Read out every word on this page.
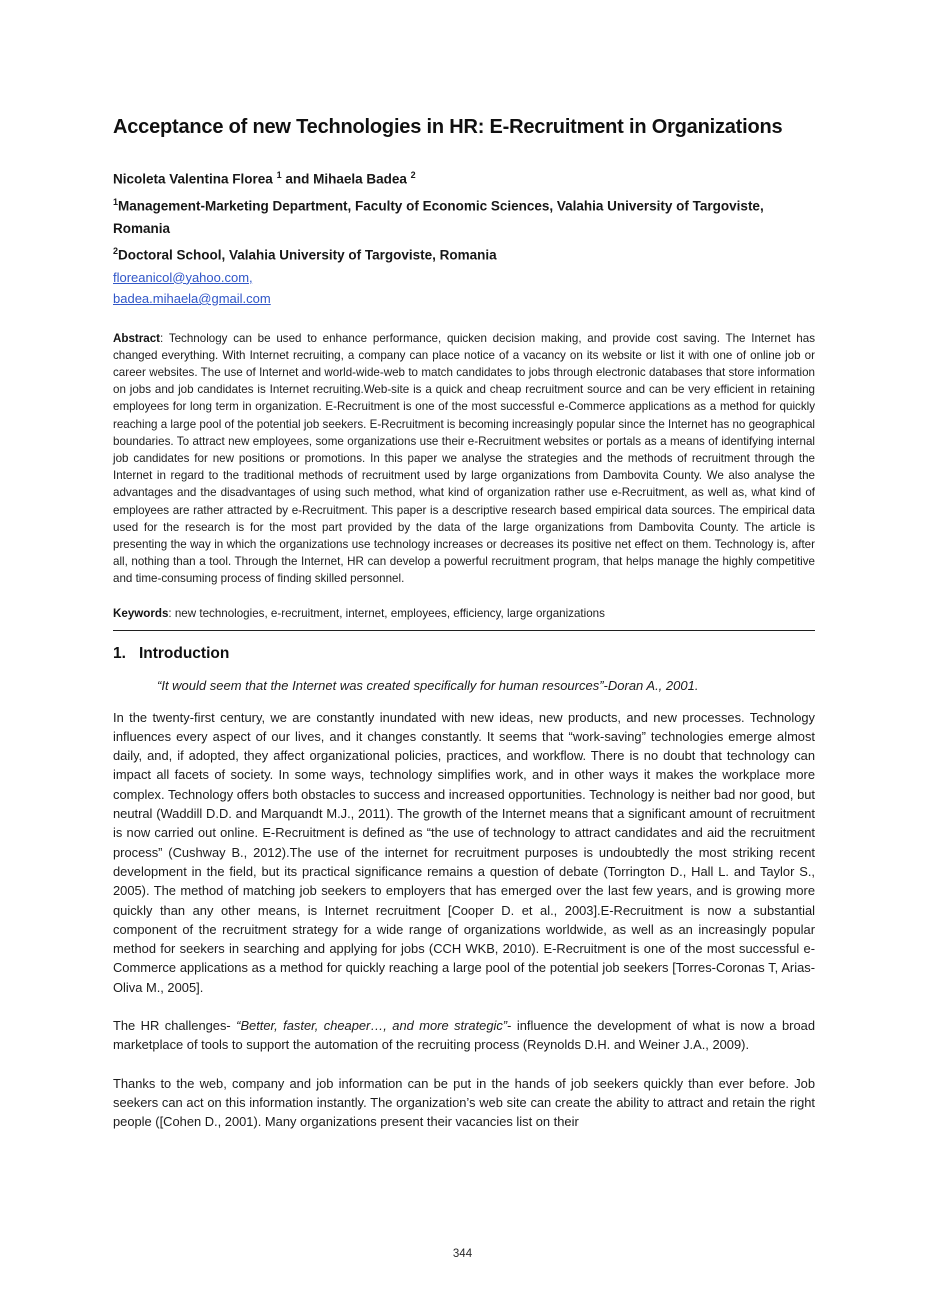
Acceptance of new Technologies in HR: E-Recruitment in Organizations

Nicoleta Valentina Florea $^1$ and Mihaela Badea $^2$

$^1$Management-Marketing Department, Faculty of Economic Sciences, Valahia University of Targoviste, Romania

$^2$Doctoral School, Valahia University of Targoviste, Romania

floreanicol@yahoo.com,

badea.mihaela@gmail.com

Abstract: Technology can be used to enhance performance, quicken decision making, and provide cost saving. The Internet has changed everything. With Internet recruiting, a company can place notice of a vacancy on its website or list it with one of online job or career websites. The use of Internet and world-wide-web to match candidates to jobs through electronic databases that store information on jobs and job candidates is Internet recruiting.Web-site is a quick and cheap recruitment source and can be very efficient in retaining employees for long term in organization. E-Recruitment is one of the most successful e-Commerce applications as a method for quickly reaching a large pool of the potential job seekers. E-Recruitment is becoming increasingly popular since the Internet has no geographical boundaries. To attract new employees, some organizations use their e-Recruitment websites or portals as a means of identifying internal job candidates for new positions or promotions. In this paper we analyse the strategies and the methods of recruitment through the Internet in regard to the traditional methods of recruitment used by large organizations from Dambovita County. We also analyse the advantages and the disadvantages of using such method, what kind of organization rather use e-Recruitment, as well as, what kind of employees are rather attracted by e-Recruitment. This paper is a descriptive research based empirical data sources. The empirical data used for the research is for the most part provided by the data of the large organizations from Dambovita County. The article is presenting the way in which the organizations use technology increases or decreases its positive net effect on them. Technology is, after all, nothing than a tool. Through the Internet, HR can develop a powerful recruitment program, that helps manage the highly competitive and time-consuming process of finding skilled personnel.

Keywords: new technologies, e-recruitment, internet, employees, efficiency, large organizations

1. Introduction

“It would seem that the Internet was created specifically for human resources”-Doran A., 2001.

In the twenty-first century, we are constantly inundated with new ideas, new products, and new processes. Technology influences every aspect of our lives, and it changes constantly. It seems that “work-saving” technologies emerge almost daily, and, if adopted, they affect organizational policies, practices, and workflow. There is no doubt that technology can impact all facets of society. In some ways, technology simplifies work, and in other ways it makes the workplace more complex. Technology offers both obstacles to success and increased opportunities. Technology is neither bad nor good, but neutral (Waddill D.D. and Marquandt M.J., 2011). The growth of the Internet means that a significant amount of recruitment is now carried out online. E-Recruitment is defined as “the use of technology to attract candidates and aid the recruitment process” (Cushway B., 2012).The use of the internet for recruitment purposes is undoubtedly the most striking recent development in the field, but its practical significance remains a question of debate (Torrington D., Hall L. and Taylor S., 2005). The method of matching job seekers to employers that has emerged over the last few years, and is growing more quickly than any other means, is Internet recruitment [Cooper D. et al., 2003].E-Recruitment is now a substantial component of the recruitment strategy for a wide range of organizations worldwide, as well as an increasingly popular method for seekers in searching and applying for jobs (CCH WKB, 2010). E-Recruitment is one of the most successful e-Commerce applications as a method for quickly reaching a large pool of the potential job seekers [Torres-Coronas T, Arias-Oliva M., 2005].

The HR challenges- “Better, faster, cheaper…, and more strategic”- influence the development of what is now a broad marketplace of tools to support the automation of the recruiting process (Reynolds D.H. and Weiner J.A., 2009).

Thanks to the web, company and job information can be put in the hands of job seekers quickly than ever before. Job seekers can act on this information instantly. The organization’s web site can create the ability to attract and retain the right people ([Cohen D., 2001). Many organizations present their vacancies list on their

344
